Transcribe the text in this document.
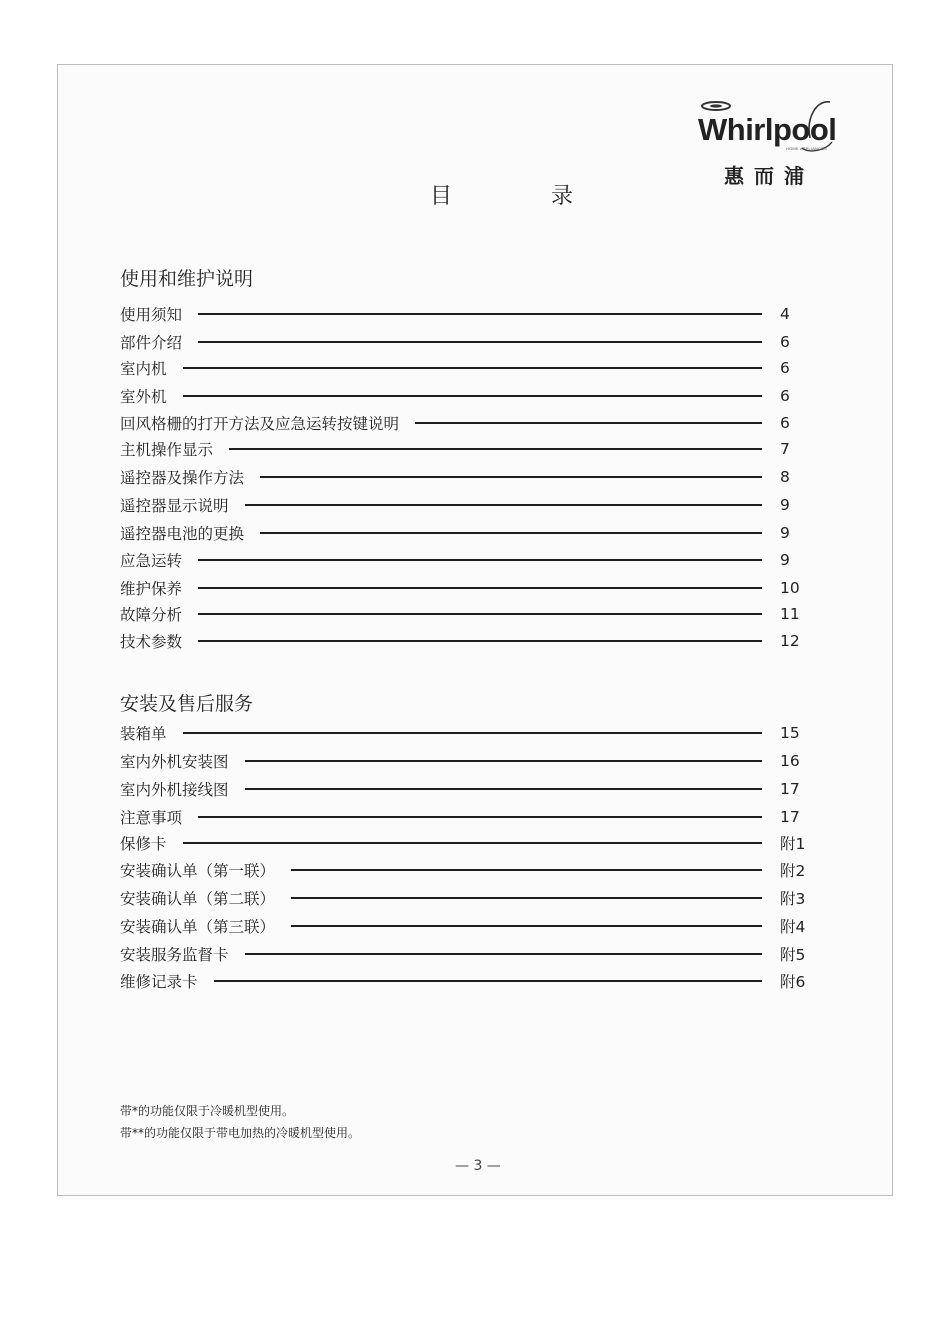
Whirlpool
HOME APPLIANCES
惠而浦
目 录
使用和维护说明
使用须知	4
部件介绍	6
室内机	6
室外机	6
回风格栅的打开方法及应急运转按键说明	6
主机操作显示	7
遥控器及操作方法	8
遥控器显示说明	9
遥控器电池的更换	9
应急运转	9
维护保养	10
故障分析	11
技术参数	12
安装及售后服务
装箱单	15
室内外机安装图	16
室内外机接线图	17
注意事项	17
保修卡	附1
安装确认单（第一联）	附2
安装确认单（第二联）	附3
安装确认单（第三联）	附4
安装服务监督卡	附5
维修记录卡	附6
带*的功能仅限于冷暖机型使用。
带**的功能仅限于带电加热的冷暖机型使用。
— 3 —
